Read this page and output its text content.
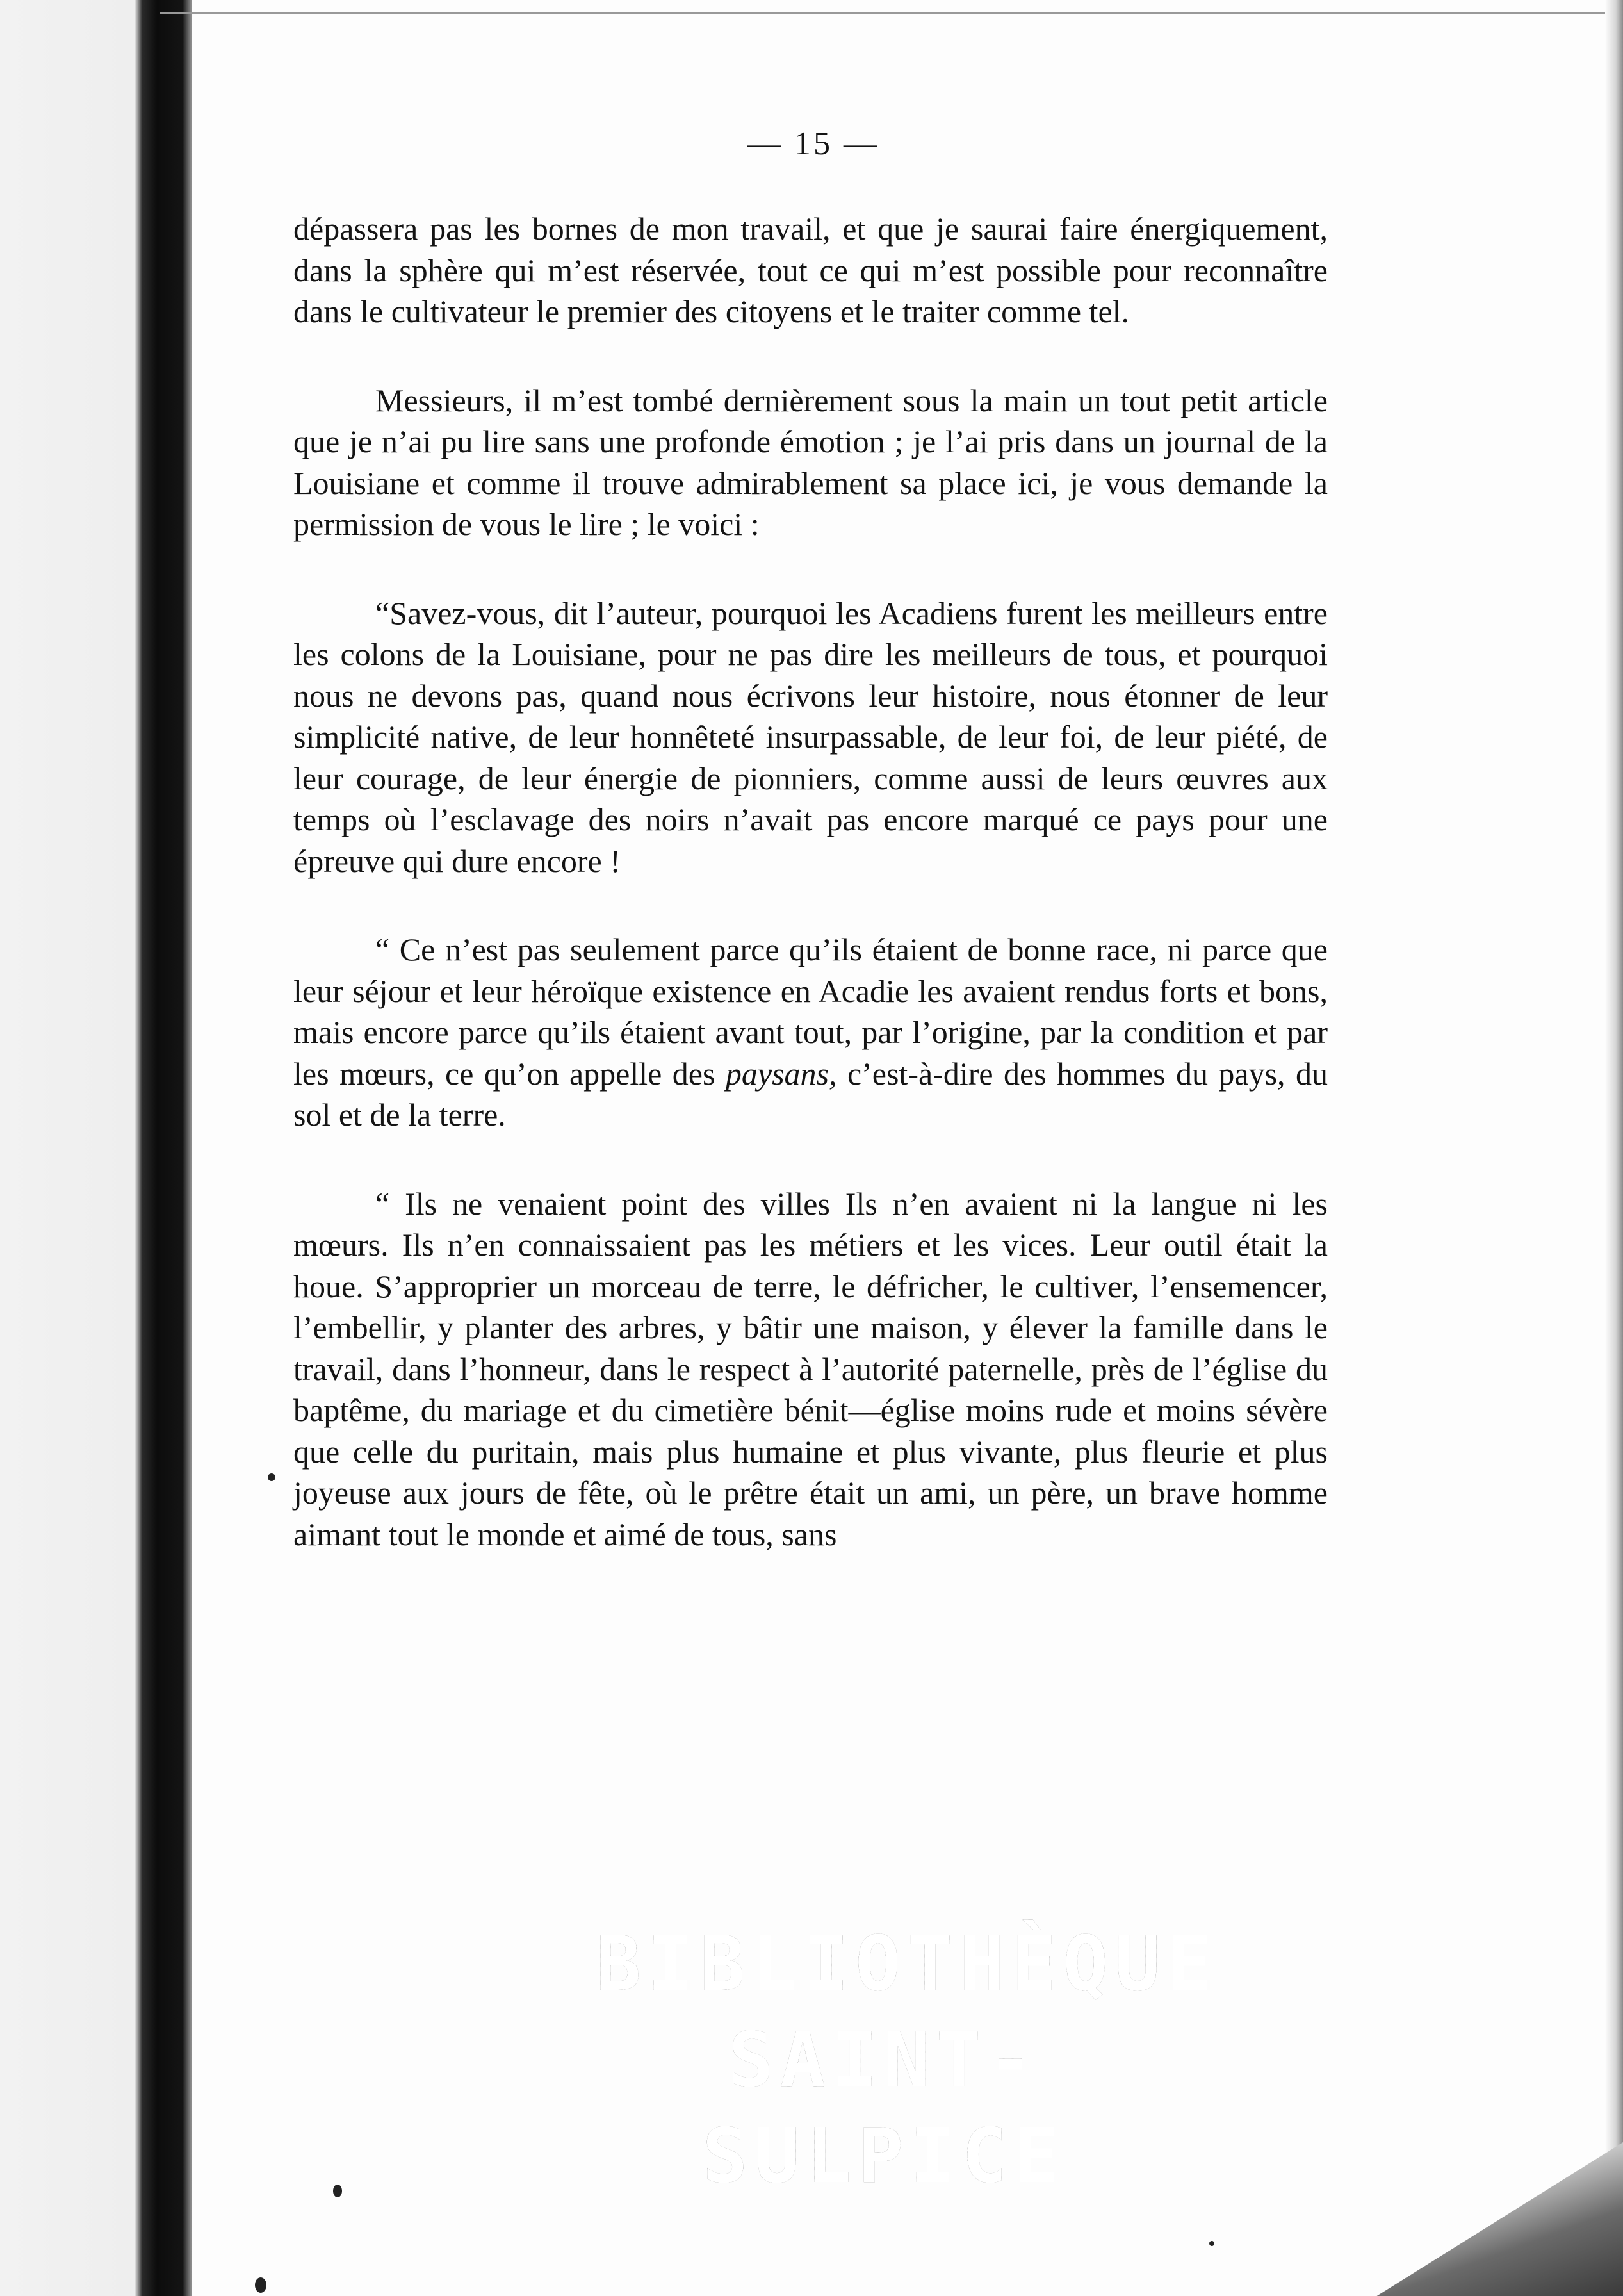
— 15 —

dépassera pas les bornes de mon travail, et que je saurai faire énergiquement, dans la sphère qui m’est réservée, tout ce qui m’est possible pour reconnaître dans le cultivateur le premier des citoyens et le traiter comme tel.

Messieurs, il m’est tombé dernièrement sous la main un tout petit article que je n’ai pu lire sans une profonde émotion ; je l’ai pris dans un journal de la Louisiane et comme il trouve admirablement sa place ici, je vous demande la permission de vous le lire ; le voici :

“Savez-vous, dit l’auteur, pourquoi les Acadiens furent les meilleurs entre les colons de la Louisiane, pour ne pas dire les meilleurs de tous, et pourquoi nous ne devons pas, quand nous écrivons leur histoire, nous étonner de leur simplicité native, de leur honnêteté insurpassable, de leur foi, de leur piété, de leur courage, de leur énergie de pionniers, comme aussi de leurs œuvres aux temps où l’esclavage des noirs n’avait pas encore marqué ce pays pour une épreuve qui dure encore !

“ Ce n’est pas seulement parce qu’ils étaient de bonne race, ni parce que leur séjour et leur héroïque existence en Acadie les avaient rendus forts et bons, mais encore parce qu’ils étaient avant tout, par l’origine, par la condition et par les mœurs, ce qu’on appelle des paysans, c’est-à-dire des hommes du pays, du sol et de la terre.

“ Ils ne venaient point des villes Ils n’en avaient ni la langue ni les mœurs. Ils n’en connaissaient pas les métiers et les vices. Leur outil était la houe. S’approprier un morceau de terre, le défricher, le cultiver, l’ensemencer, l’embellir, y planter des arbres, y bâtir une maison, y élever la famille dans le travail, dans l’honneur, dans le respect à l’autorité paternelle, près de l’église du baptême, du mariage et du cimetière bénit—église moins rude et moins sévère que celle du puritain, mais plus humaine et plus vivante, plus fleurie et plus joyeuse aux jours de fête, où le prêtre était un ami, un père, un brave homme aimant tout le monde et aimé de tous, sans

BIBLIOTHÈQUE
SAINT-SULPICE
